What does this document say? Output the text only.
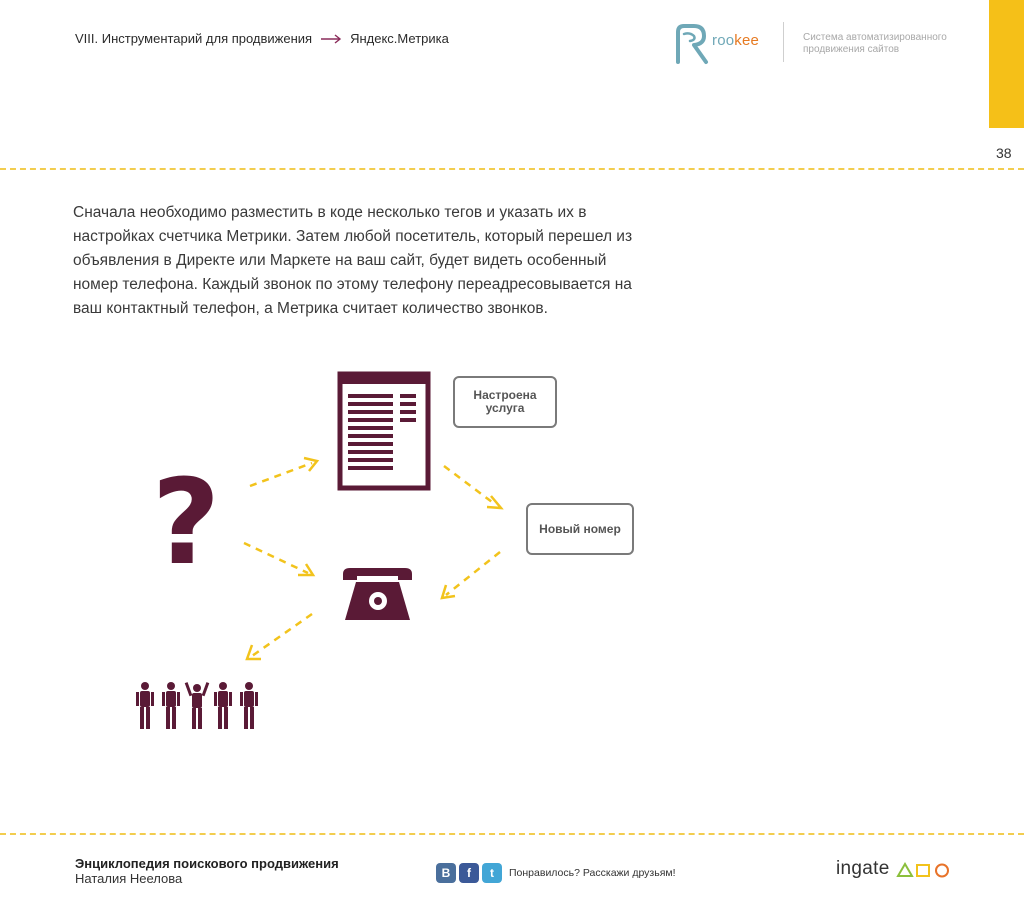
VIII. Инструментарий для продвижения	Яндекс.Метрика	rookee	Система автоматизированного продвижения сайтов
38
Сначала необходимо разместить в коде несколько тегов и указать их в настройках счетчика Метрики. Затем любой посетитель, который перешел из объявления в Директе или Маркете на ваш сайт, будет видеть особенный номер телефона. Каждый звонок по этому телефону переадресовывается на ваш контактный телефон, а Метрика считает количество звонков.
?
Настроена услуга
Новый номер
Энциклопедия поискового продвижения
Наталия Неелова	В	f	t	Понравилось? Расскажи друзьям!	ingate
